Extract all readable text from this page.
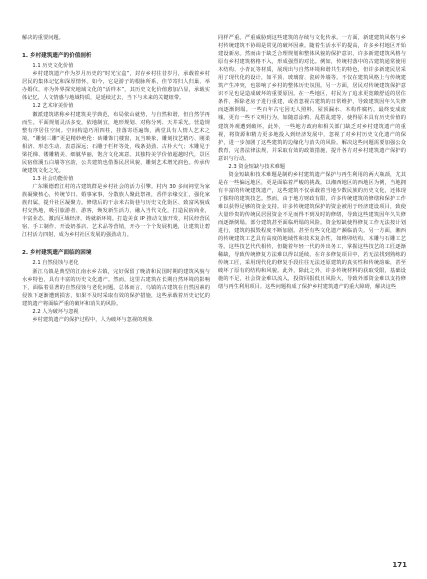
解决的重要问题。

1. 乡村建筑遗产的价值剖析
1.1 历史文化价值

乡村建筑遗产作为岁月历史的“时光宝盒”，封存乡村往昔岁月，承载着乡村居民的集体记忆和深厚情怀。如今，它是游子的根脉所系，佳节寄归人归巢、举办婚仪，亦为外界探究地域文化的“活样本”，其历史文化价值愈加凸显，承载实体记忆，人文情感与地域特质，是延续过去，当下与未来的关键纽带。

1.2 艺术审美价值

徽派建筑堪称乡村建筑美学典范，布局依山就势，与自然和谐，但自然学再而生。平面规划灵活多变，依地制宜，地形规划、对称分列、天井采光。营造规整有序居住空间。空间构造巧用四柱，挂落寄语遍饰，满堂具有人情人艺术之境。“雕刻三雕”更是精妙绝伦：砖雕饰门楼窗，瓦当映象，雕刻技艺精巧、刚柔相济、形态生动、表意深远；石雕于栏杆等处，线条劲劲、古朴大气；木雕见于梁托梯、镂雕精美、细腻华丽，饱含文化寓意。其独特美学价值超越时代，景区民宿值溪五白墙等宫韵，公共建筑也借鉴民居风貌，雕刻艺术增光润色。传承传统建筑文化之光。

1.3 社会功能价值

广东顺德碧江村的古建筑群是乡村社会的活力引擎。村内 30 多间祠堂为家族凝聚核心，传统节日、婚事家事，分散族人聚此祭祖，香伴亲缘交汇，强化家族归属，提升社区凝聚力。修缮后的干余米古街巷与历史文化街区、致富风貌成村交热地，吸引旅游者、游客，焕发新生活力，融入当代文化，打造民宿商业，丰富业态，激活区域经济，铸就新环境。打造美食 IP 推动文旅开发，村民经营民宿、手工制作、开设奶茶店、艺术品等营销，开办一个个发展机遇，让建筑让碧江村活力四射，成为乡村社区发展的强劲动力。

2. 乡村建筑遗产面临的困境
2.1 自然侵蚀与老化

浙江乌镇是典型的江南水乡古镇，完好保留了晚清和民国时期的建筑风貌与水乡特色，具有丰富的历史文化遗产。然而，这里古建筑在长期自然环境的影响下，面临着显著的自然侵蚀与老化问题。总体而言，乌镇的古建筑在自然因素的侵蚀下逐渐遭到损害，如果不及时采取有效的保护措施，这些承载着历史记忆的建筑遗产将面临严重的破坏和消失的风险。

2.2 人为破坏与忽视

乡村建筑遗产的保护过程中，人为破坏与忽视的现象

同样严重。严重威胁到这些建筑的存续与文化传承。一方面，新建建筑风格与乡村传统建筑不协调是常见的破坏因素。随着生活水平的提高，许多乡村地区开始建设新房。然而由于缺乏合理规划和整体风貌的保护意识，许多新建建筑风格与原有乡村建筑格格不入，形成强烈的对比。例如，传统村落中的古建筑通常使用木结构、小青瓦等材质，展现出与自然环境和谐共生的特色，但许多新建民居采用了现代化的设计，如平顶、玻璃窗、瓷砖外墙等。不仅在建筑风格上与传统建筑产生冲突，也影响了乡村的整体历史氛围。另一方面，居民对传统建筑保护意识不足也是造成破坏的重要原因。在一些地区，村民为了追求更宽敞舒适的居住条件，拆除老房子进行重建，或者忽视古建筑的日常维护，导致建筑因年久失修而逐渐倒塌。一些百年古宅因无人照料，屋顶漏水、木构件腐朽，最终变成废墟。更有一些不文明行为，如随意涂鸦、乱搭乱建等，使得原本具有历史价值的建筑外观遭到破坏。此外，一些地方政府和相关部门缺乏对乡村建筑遗产的重视，将资源和精力更多地投入到经济发展中，忽视了对乡村历史文化遗产的保护，进一步加剧了这些建筑的边缘化与消失的风险。解决这些问题需要加强公众教育，完善法律法规，并采取有效的政策措施，提升各方对乡村建筑遗产保护的意识与行动。

2.3 资金短缺与技术难题

资金短缺和技术难题是制约乡村建筑遗产保护与再生利用的两大瓶颈，尤其是在一些偏远地区，更是面临着严峻的挑战。以湘西地区的西地区为例，当地拥有丰富的传统建筑遗产，这些建筑不仅承载着当地少数民族的历史文化，还体现了独特的建筑技艺。然而，由于地方财政有限，许多传统建筑的修缮和保护工作难以获得足够的资金支持。许多传统建筑保护的资金被用于经济建设项目，致使大量珍贵的传统民居因资金不足而得不到及时的修缮，导致这些建筑因年久失修而逐渐倒塌。部分建筑甚至面临坍塌的风险。资金短缺使得修复工作无法按计划进行，建筑的损毁程度不断加剧。甚至有些文化遗产濒临消失。另一方面，湘西的传统建筑工艺具有高度的地域性和技术复杂性，如榫卯结构、木雕与石雕工艺等。这些技艺代代相传，但随着年轻一代的外出务工，掌握这些技艺的工匠逐渐稀缺，导致传统修复方法难以得以延续。在许多修复项目中，若无法找到熟练的传统工匠，采用现代化的修复手段往往无法还原建筑的真实性和传统韵味，甚至破坏了原有的结构和风貌。此外，除此之外，许多传统材料的获取受限，基础设施的不足，社会资金难以流入，投资回报低且风险大，导致外部资金难以支持修缮与再生利用项目。这些问题构成了保护乡村建筑遗产的重大障碍，解决这些

171
